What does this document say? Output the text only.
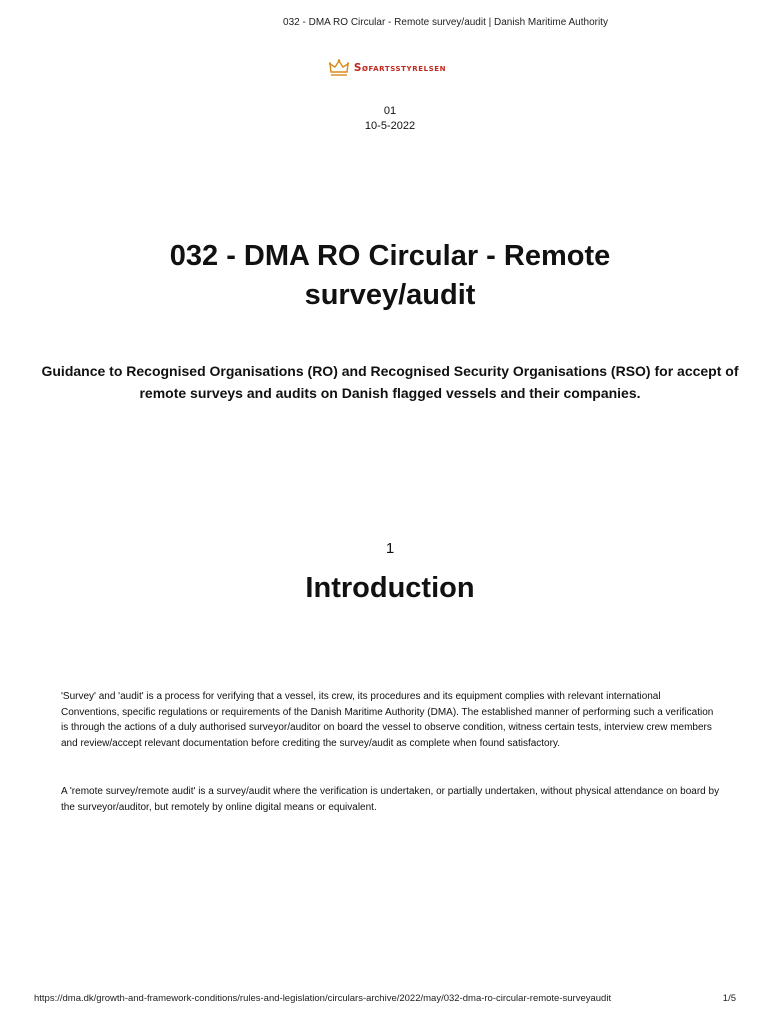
032 - DMA RO Circular - Remote survey/audit | Danish Maritime Authority
Søfartsstyrelsen
01
10-5-2022
032 - DMA RO Circular - Remote survey/audit

Guidance to Recognised Organisations (RO) and Recognised Security Organisations (RSO) for accept of remote surveys and audits on Danish flagged vessels and their companies.

1
Introduction

'Survey' and 'audit' is a process for verifying that a vessel, its crew, its procedures and its equipment complies with relevant international Conventions, specific regulations or requirements of the Danish Maritime Authority (DMA). The established manner of performing such a verification is through the actions of a duly authorised surveyor/auditor on board the vessel to observe condition, witness certain tests, interview crew members and review/accept relevant documentation before crediting the survey/audit as complete when found satisfactory.

A 'remote survey/remote audit' is a survey/audit where the verification is undertaken, or partially undertaken, without physical attendance on board by the surveyor/auditor, but remotely by online digital means or equivalent.

https://dma.dk/growth-and-framework-conditions/rules-and-legislation/circulars-archive/2022/may/032-dma-ro-circular-remote-surveyaudit	1/5
